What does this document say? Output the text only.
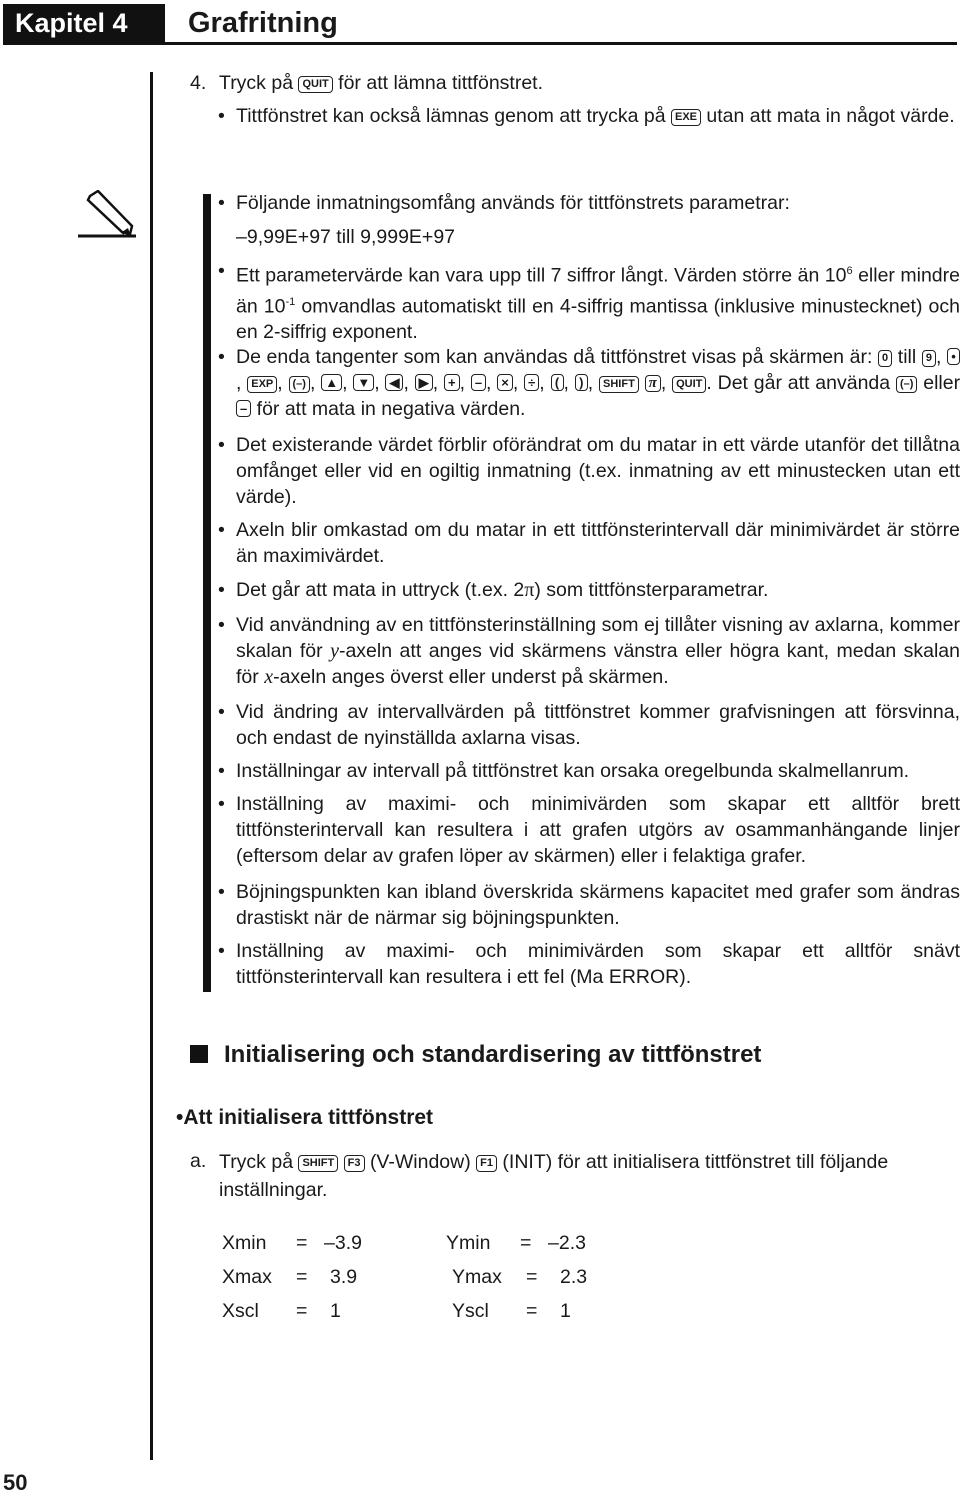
Kapitel 4	Grafritning
4. Tryck på QUIT för att lämna tittfönstret.
• Tittfönstret kan också lämnas genom att trycka på EXE utan att mata in något värde.
• Följande inmatningsomfång används för tittfönstrets parametrar:
–9,99E+97 till 9,999E+97
• Ett parametervärde kan vara upp till 7 siffror långt. Värden större än $10^6$ eller mindre än $10^{-1}$ omvandlas automatiskt till en 4-siffrig mantissa (inklusive minustecknet) och en 2-siffrig exponent.
• De enda tangenter som kan användas då tittfönstret visas på skärmen är: 0 till 9 , •, EXP , (–) , ▲ , ▼ , ◀ , ▶ , + , – , × , ÷ , ( , ) , SHIFT π , QUIT . Det går att använda (–) eller – för att mata in negativa värden.
• Det existerande värdet förblir oförändrat om du matar in ett värde utanför det tillåtna omfånget eller vid en ogiltig inmatning (t.ex. inmatning av ett minustecken utan ett värde).
• Axeln blir omkastad om du matar in ett tittfönsterintervall där minimivärdet är större än maximivärdet.
• Det går att mata in uttryck (t.ex. 2π) som tittfönsterparametrar.
• Vid användning av en tittfönsterinställning som ej tillåter visning av axlarna, kommer skalan för y-axeln att anges vid skärmens vänstra eller högra kant, medan skalan för x-axeln anges överst eller underst på skärmen.
• Vid ändring av intervallvärden på tittfönstret kommer grafvisningen att försvinna, och endast de nyinställda axlarna visas.
• Inställningar av intervall på tittfönstret kan orsaka oregelbunda skalmellanrum.
• Inställning av maximi- och minimivärden som skapar ett alltför brett tittfönsterintervall kan resultera i att grafen utgörs av osammanhängande linjer (eftersom delar av grafen löper av skärmen) eller i felaktiga grafer.
• Böjningspunkten kan ibland överskrida skärmens kapacitet med grafer som ändras drastiskt när de närmar sig böjningspunkten.
• Inställning av maximi- och minimivärden som skapar ett alltför snävt tittfönsterintervall kan resultera i ett fel (Ma ERROR).
Initialisering och standardisering av tittfönstret
•Att initialisera tittfönstret
a. Tryck på SHIFT F3 (V-Window) F1 (INIT) för att initialisera tittfönstret till följande inställningar.
Xmin	= –3.9	Ymin	= –2.3
Xmax	=	3.9	Ymax	=	2.3
Xscl	=	1	Yscl	=	1
50
